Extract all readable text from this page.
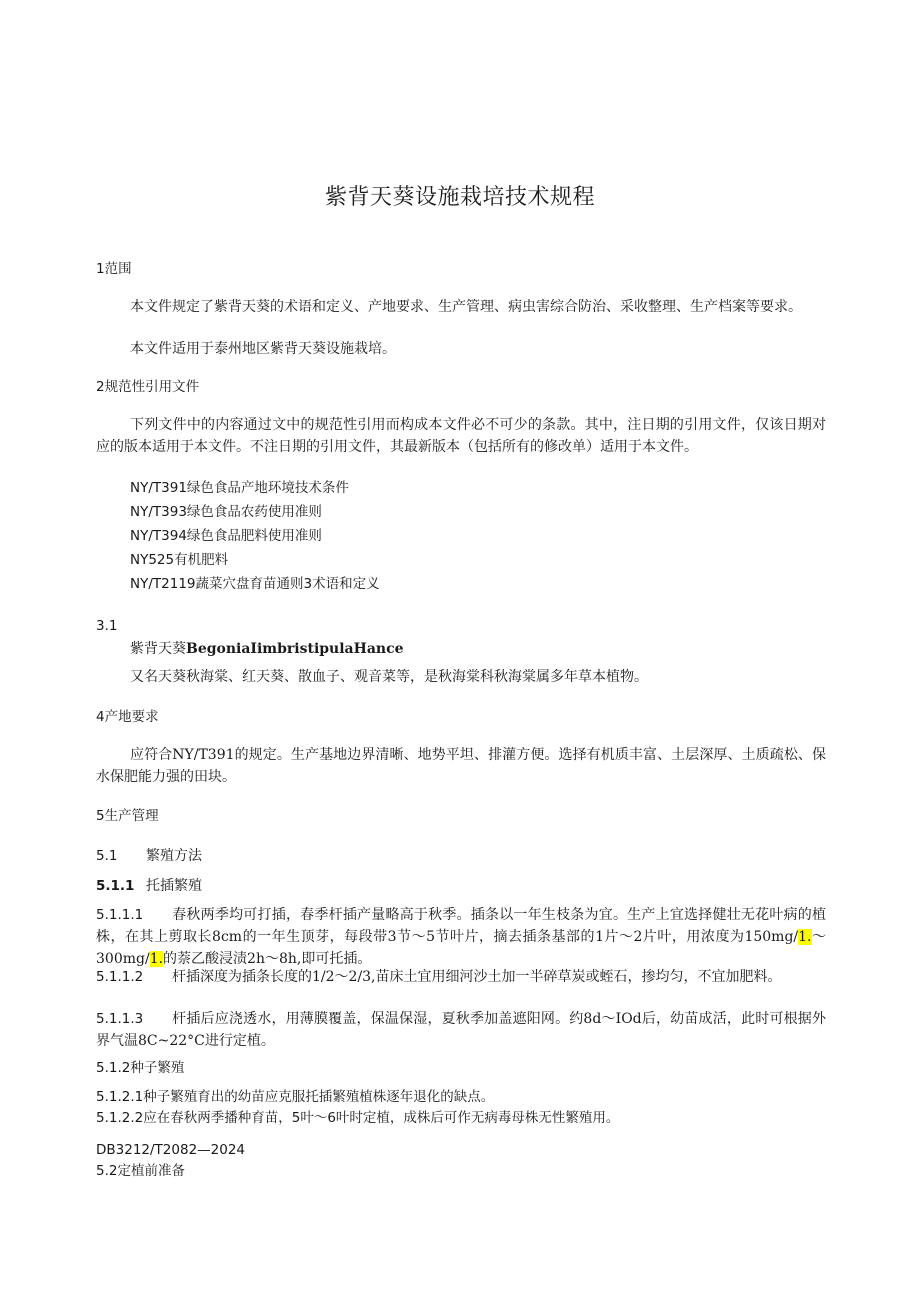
紫背天葵设施栽培技术规程
1范围
本文件规定了紫背天葵的术语和定义、产地要求、生产管理、病虫害综合防治、采收整理、生产档案等要求。
本文件适用于泰州地区紫背天葵设施栽培。
2规范性引用文件
下列文件中的内容通过文中的规范性引用而构成本文件必不可少的条款。其中，注日期的引用文件，仅该日期对应的版本适用于本文件。不注日期的引用文件，其最新版本（包括所有的修改单）适用于本文件。
NY/T391绿色食品产地环境技术条件
NY/T393绿色食品农药使用准则
NY/T394绿色食品肥料使用准则
NY525有机肥料
NY/T2119蔬菜穴盘育苗通则3术语和定义
3.1
紫背天葵BegoniaIimbristipulaHance
又名天葵秋海棠、红天葵、散血子、观音菜等，是秋海棠科秋海棠属多年草本植物。
4产地要求
应符合NY/T391的规定。生产基地边界清晰、地势平坦、排灌方便。选择有机质丰富、土层深厚、土质疏松、保水保肥能力强的田块。
5生产管理
5.1 繁殖方法
5.1.1 托插繁殖
5.1.1.1 春秋两季均可打插，春季杆插产量略高于秋季。插条以一年生枝条为宜。生产上宜选择健壮无花叶病的植株，在其上剪取长8cm的一年生顶芽，每段带3节～5节叶片，摘去插条基部的1片～2片叶，用浓度为150mg/1.～300mg/1.的萘乙酸浸渍2h～8h,即可托插。
5.1.1.2 杆插深度为插条长度的1/2～2/3,苗床土宜用细河沙土加一半碎草炭或蛭石，掺均匀，不宜加肥料。
5.1.1.3 杆插后应浇透水，用薄膜覆盖，保温保湿，夏秋季加盖遮阳网。约8d～IOd后，幼苗成活，此时可根据外界气温8C~22°C进行定植。
5.1.2种子繁殖
5.1.2.1种子繁殖育出的幼苗应克服托插繁殖植株逐年退化的缺点。
5.1.2.2应在春秋两季播种育苗，5叶～6叶时定植，成株后可作无病毒母株无性繁殖用。
DB3212/T2082—2024
5.2定植前准备
